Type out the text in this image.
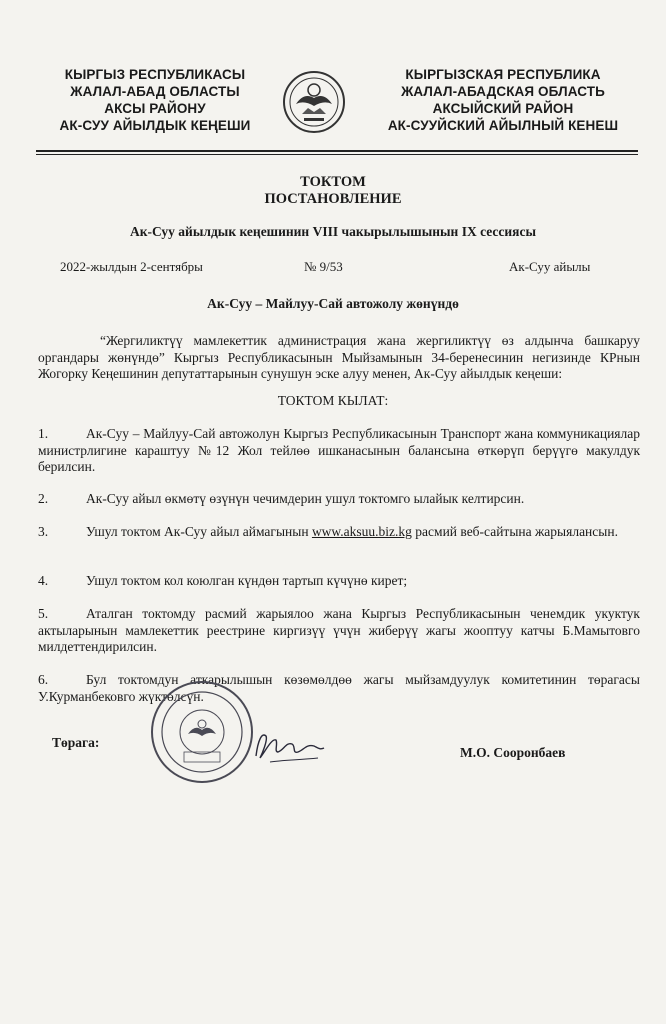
КЫРГЫЗ РЕСПУБЛИКАСЫ
ЖАЛАЛ-АБАД ОБЛАСТЫ
АКСЫ РАЙОНУ
АК-СУУ АЙЫЛДЫК КЕҢЕШИ
КЫРГЫЗСКАЯ РЕСПУБЛИКА
ЖАЛАЛ-АБАДСКАЯ ОБЛАСТЬ
АКСЫЙСКИЙ РАЙОН
АК-СУУЙСКИЙ АЙЫЛНЫЙ КЕНЕШ
ТОКТОМ
ПОСТАНОВЛЕНИЕ
Ак-Суу айылдык кеңешинин VIII чакырылышынын IX сессиясы
2022-жылдын 2-сентябры	№ 9/53	Ак-Суу айылы
Ак-Суу – Майлуу-Сай автожолу жөнүндө
“Жергиликтүү мамлекеттик администрация жана жергиликтүү өз алдынча башкаруу органдары жөнүндө” Кыргыз Республикасынын Мыйзамынын 34-беренесинин негизинде КРнын Жогорку Кеңешинин депутаттарынын сунушун эске алуу менен, Ак-Суу айылдык кеңеши:
ТОКТОМ КЫЛАТ:
1.	Ак-Суу – Майлуу-Сай автожолун Кыргыз Республикасынын Транспорт жана коммуникациялар министрлигине караштуу №12 Жол тейлөө ишканасынын балансына өткөрүп берүүгө макулдук берилсин.
2.	Ак-Суу айыл өкмөтү өзүнүн чечимдерин ушул токтомго ылайык келтирсин.
3.	Ушул токтом Ак-Суу айыл аймагынын www.aksuu.biz.kg расмий веб-сайтына жарыялансын.
4.	Ушул токтом кол коюлган күндөн тартып күчүнө кирет;
5.	Аталган токтомду расмий жарыялоо жана Кыргыз Республикасынын ченемдик укуктук актыларынын мамлекеттик реестрине киргизүү үчүн жиберүү жагы жооптуу катчы Б.Мамытовго милдеттендирилсин.
6.	Бул токтомдун аткарылышын көзөмөлдөө жагы мыйзамдуулук комитетинин төрагасы У.Курманбековго жүктөлсүн.
Төрага:
М.О. Сооронбаев
